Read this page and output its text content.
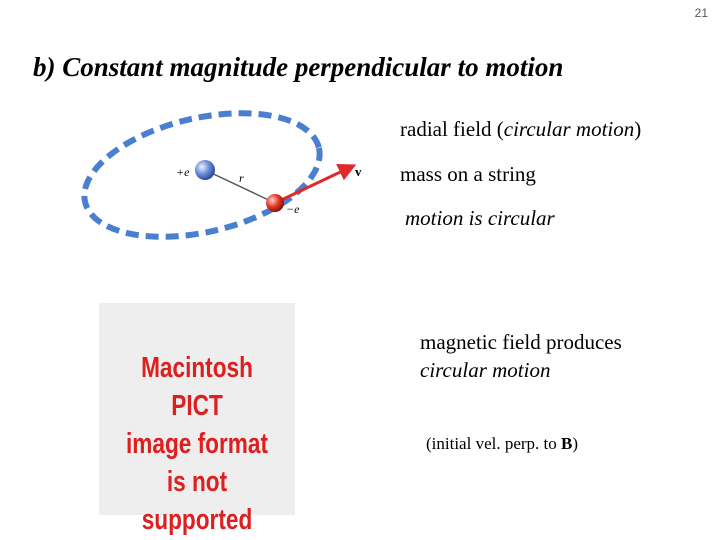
21
b) Constant magnitude perpendicular to motion
+e	r
−e
v
radial field (circular motion)
mass on a string
motion is circular
magnetic field produces
circular motion
Macintosh PICT
image format
is not supported
(initial vel. perp. to B)
